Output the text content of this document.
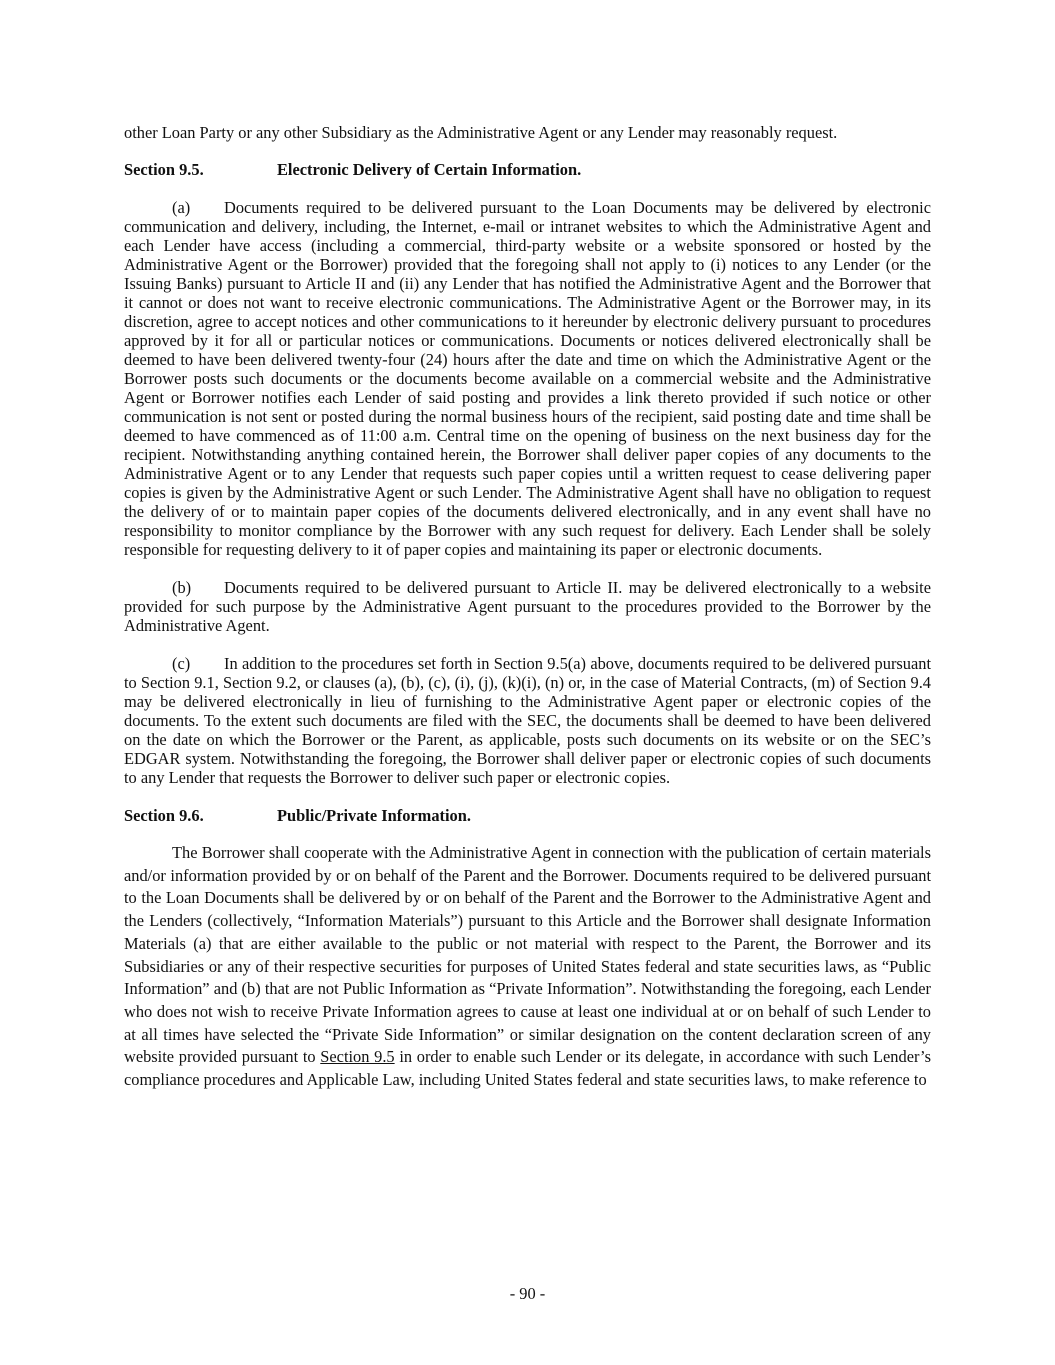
other Loan Party or any other Subsidiary as the Administrative Agent or any Lender may reasonably request.

Section 9.5.	Electronic Delivery of Certain Information.

(a) Documents required to be delivered pursuant to the Loan Documents may be delivered by electronic communication and delivery, including, the Internet, e-mail or intranet websites to which the Administrative Agent and each Lender have access (including a commercial, third-party website or a website sponsored or hosted by the Administrative Agent or the Borrower) provided that the foregoing shall not apply to (i) notices to any Lender (or the Issuing Banks) pursuant to Article II and (ii) any Lender that has notified the Administrative Agent and the Borrower that it cannot or does not want to receive electronic communications. The Administrative Agent or the Borrower may, in its discretion, agree to accept notices and other communications to it hereunder by electronic delivery pursuant to procedures approved by it for all or particular notices or communications. Documents or notices delivered electronically shall be deemed to have been delivered twenty-four (24) hours after the date and time on which the Administrative Agent or the Borrower posts such documents or the documents become available on a commercial website and the Administrative Agent or Borrower notifies each Lender of said posting and provides a link thereto provided if such notice or other communication is not sent or posted during the normal business hours of the recipient, said posting date and time shall be deemed to have commenced as of 11:00 a.m. Central time on the opening of business on the next business day for the recipient. Notwithstanding anything contained herein, the Borrower shall deliver paper copies of any documents to the Administrative Agent or to any Lender that requests such paper copies until a written request to cease delivering paper copies is given by the Administrative Agent or such Lender. The Administrative Agent shall have no obligation to request the delivery of or to maintain paper copies of the documents delivered electronically, and in any event shall have no responsibility to monitor compliance by the Borrower with any such request for delivery. Each Lender shall be solely responsible for requesting delivery to it of paper copies and maintaining its paper or electronic documents.

(b) Documents required to be delivered pursuant to Article II. may be delivered electronically to a website provided for such purpose by the Administrative Agent pursuant to the procedures provided to the Borrower by the Administrative Agent.

(c) In addition to the procedures set forth in Section 9.5(a) above, documents required to be delivered pursuant to Section 9.1, Section 9.2, or clauses (a), (b), (c), (i), (j), (k)(i), (n) or, in the case of Material Contracts, (m) of Section 9.4 may be delivered electronically in lieu of furnishing to the Administrative Agent paper or electronic copies of the documents. To the extent such documents are filed with the SEC, the documents shall be deemed to have been delivered on the date on which the Borrower or the Parent, as applicable, posts such documents on its website or on the SEC’s EDGAR system. Notwithstanding the foregoing, the Borrower shall deliver paper or electronic copies of such documents to any Lender that requests the Borrower to deliver such paper or electronic copies.

Section 9.6.	Public/Private Information.

The Borrower shall cooperate with the Administrative Agent in connection with the publication of certain materials and/or information provided by or on behalf of the Parent and the Borrower. Documents required to be delivered pursuant to the Loan Documents shall be delivered by or on behalf of the Parent and the Borrower to the Administrative Agent and the Lenders (collectively, “Information Materials”) pursuant to this Article and the Borrower shall designate Information Materials (a) that are either available to the public or not material with respect to the Parent, the Borrower and its Subsidiaries or any of their respective securities for purposes of United States federal and state securities laws, as “Public Information” and (b) that are not Public Information as “Private Information”. Notwithstanding the foregoing, each Lender who does not wish to receive Private Information agrees to cause at least one individual at or on behalf of such Lender to at all times have selected the “Private Side Information” or similar designation on the content declaration screen of any website provided pursuant to Section 9.5 in order to enable such Lender or its delegate, in accordance with such Lender’s compliance procedures and Applicable Law, including United States federal and state securities laws, to make reference to

- 90 -
